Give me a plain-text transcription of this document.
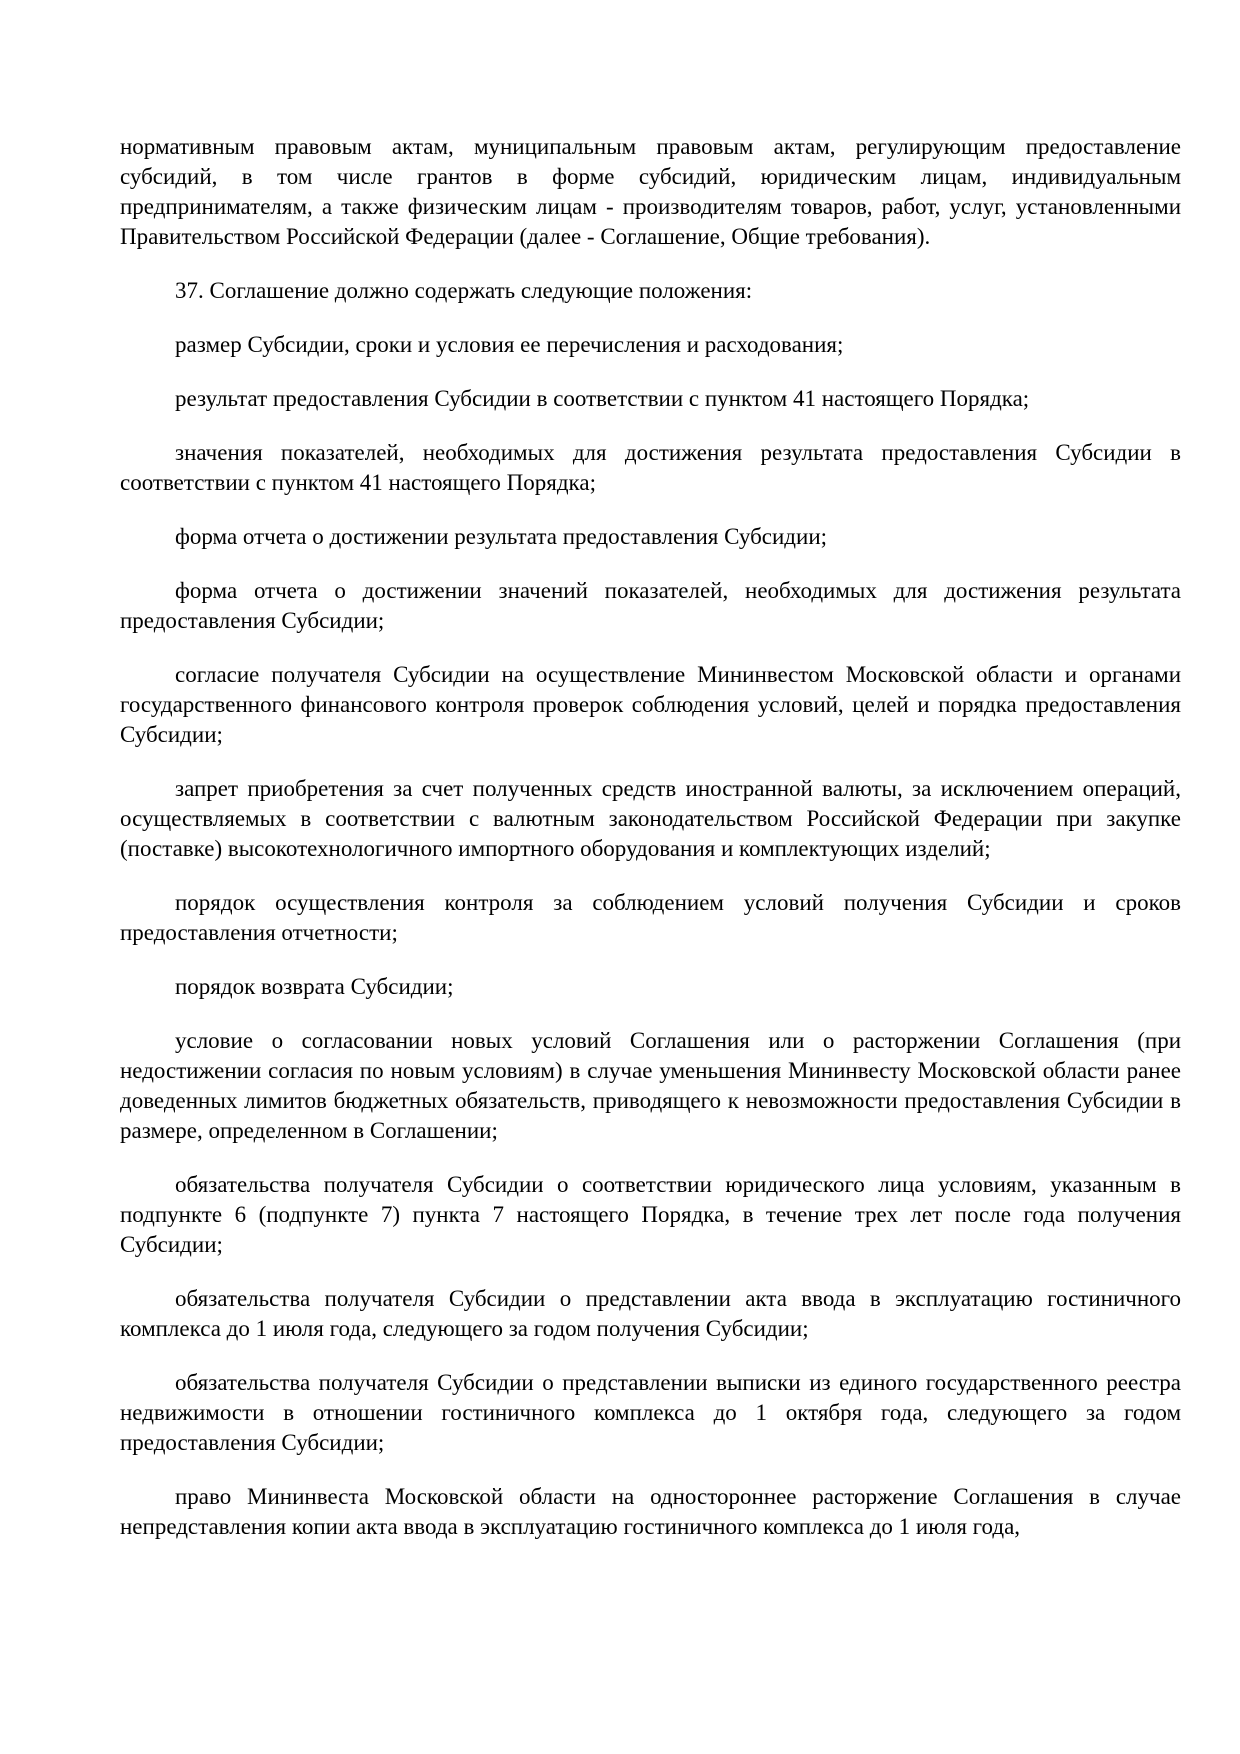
нормативным правовым актам, муниципальным правовым актам, регулирующим предоставление субсидий, в том числе грантов в форме субсидий, юридическим лицам, индивидуальным предпринимателям, а также физическим лицам - производителям товаров, работ, услуг, установленными Правительством Российской Федерации (далее - Соглашение, Общие требования).

37. Соглашение должно содержать следующие положения:

размер Субсидии, сроки и условия ее перечисления и расходования;

результат предоставления Субсидии в соответствии с пунктом 41 настоящего Порядка;

значения показателей, необходимых для достижения результата предоставления Субсидии в соответствии с пунктом 41 настоящего Порядка;

форма отчета о достижении результата предоставления Субсидии;

форма отчета о достижении значений показателей, необходимых для достижения результата предоставления Субсидии;

согласие получателя Субсидии на осуществление Мининвестом Московской области и органами государственного финансового контроля проверок соблюдения условий, целей и порядка предоставления Субсидии;

запрет приобретения за счет полученных средств иностранной валюты, за исключением операций, осуществляемых в соответствии с валютным законодательством Российской Федерации при закупке (поставке) высокотехнологичного импортного оборудования и комплектующих изделий;

порядок осуществления контроля за соблюдением условий получения Субсидии и сроков предоставления отчетности;

порядок возврата Субсидии;

условие о согласовании новых условий Соглашения или о расторжении Соглашения (при недостижении согласия по новым условиям) в случае уменьшения Мининвесту Московской области ранее доведенных лимитов бюджетных обязательств, приводящего к невозможности предоставления Субсидии в размере, определенном в Соглашении;

обязательства получателя Субсидии о соответствии юридического лица условиям, указанным в подпункте 6 (подпункте 7) пункта 7 настоящего Порядка, в течение трех лет после года получения Субсидии;

обязательства получателя Субсидии о представлении акта ввода в эксплуатацию гостиничного комплекса до 1 июля года, следующего за годом получения Субсидии;

обязательства получателя Субсидии о представлении выписки из единого государственного реестра недвижимости в отношении гостиничного комплекса до 1 октября года, следующего за годом предоставления Субсидии;

право Мининвеста Московской области на одностороннее расторжение Соглашения в случае непредставления копии акта ввода в эксплуатацию гостиничного комплекса до 1 июля года,
